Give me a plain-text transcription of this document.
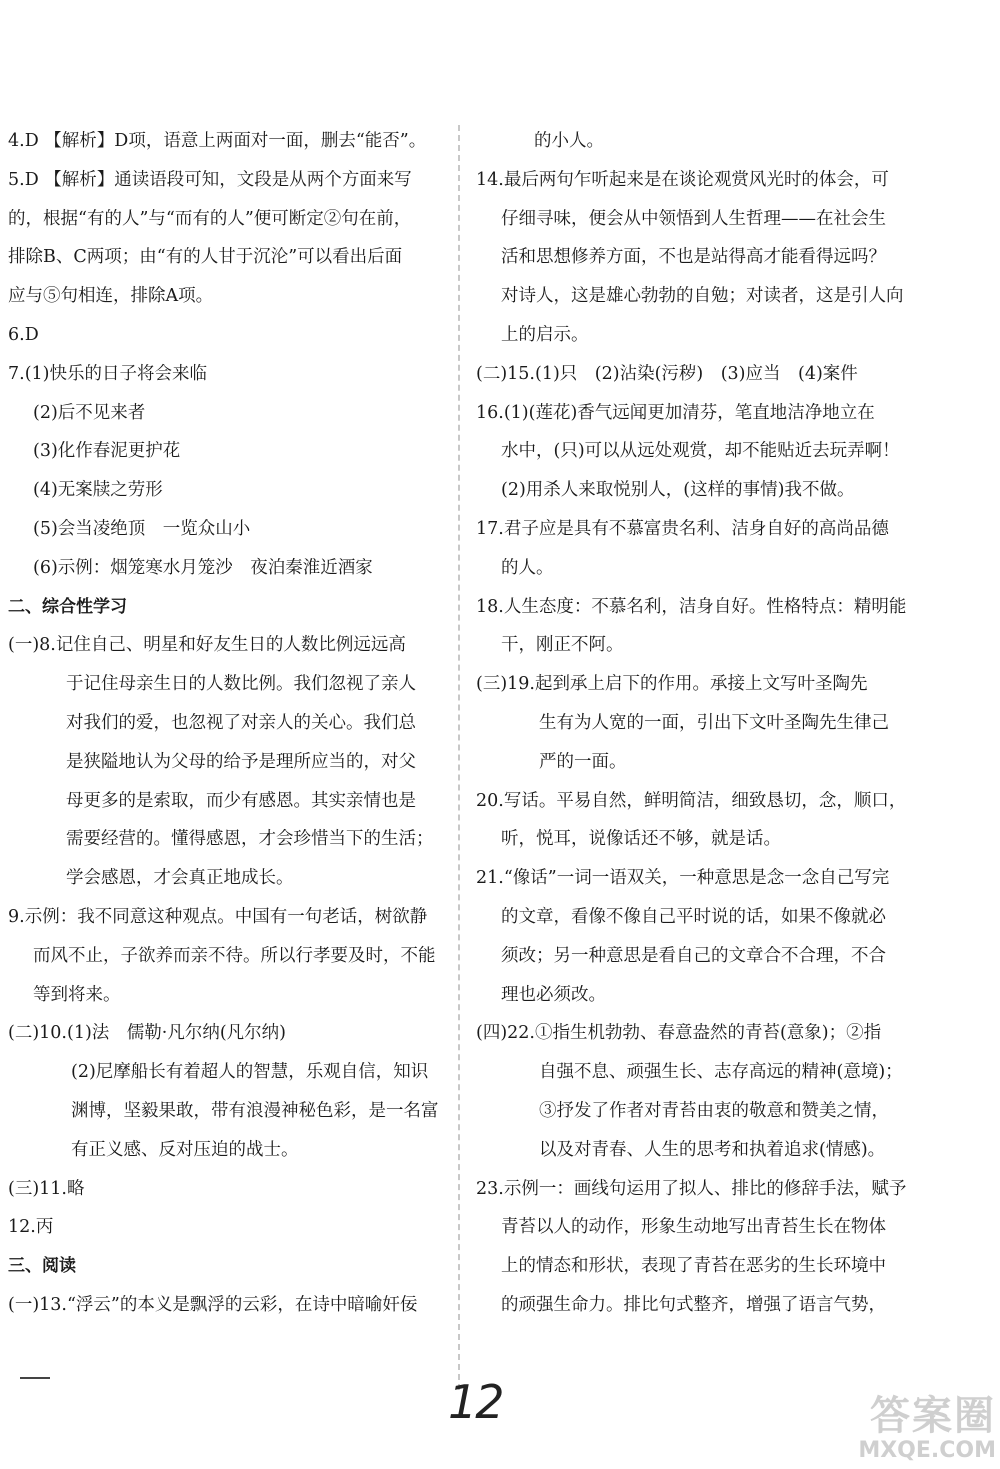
4.D 【解析】D项，语意上两面对一面，删去“能否”。
5.D 【解析】通读语段可知，文段是从两个方面来写
的，根据“有的人”与“而有的人”便可断定②句在前，
排除B、C两项；由“有的人甘于沉沦”可以看出后面
应与⑤句相连，排除A项。
6.D
7.(1)快乐的日子将会来临
(2)后不见来者
(3)化作春泥更护花
(4)无案牍之劳形
(5)会当凌绝顶　一览众山小
(6)示例：烟笼寒水月笼沙　夜泊秦淮近酒家
二、综合性学习
(一)8.记住自己、明星和好友生日的人数比例远远高
于记住母亲生日的人数比例。我们忽视了亲人
对我们的爱，也忽视了对亲人的关心。我们总
是狭隘地认为父母的给予是理所应当的，对父
母更多的是索取，而少有感恩。其实亲情也是
需要经营的。懂得感恩，才会珍惜当下的生活；
学会感恩，才会真正地成长。
9.示例：我不同意这种观点。中国有一句老话，树欲静
而风不止，子欲养而亲不待。所以行孝要及时，不能
等到将来。
(二)10.(1)法　儒勒·凡尔纳(凡尔纳)
(2)尼摩船长有着超人的智慧，乐观自信，知识
渊博，坚毅果敢，带有浪漫神秘色彩，是一名富
有正义感、反对压迫的战士。
(三)11.略
12.丙
三、阅读
(一)13.“浮云”的本义是飘浮的云彩，在诗中暗喻奸佞
的小人。
14.最后两句乍听起来是在谈论观赏风光时的体会，可
仔细寻味，便会从中领悟到人生哲理——在社会生
活和思想修养方面，不也是站得高才能看得远吗？
对诗人，这是雄心勃勃的自勉；对读者，这是引人向
上的启示。
(二)15.(1)只　(2)沾染(污秽)　(3)应当　(4)案件
16.(1)(莲花)香气远闻更加清芬，笔直地洁净地立在
水中，(只)可以从远处观赏，却不能贴近去玩弄啊！
(2)用杀人来取悦别人，(这样的事情)我不做。
17.君子应是具有不慕富贵名利、洁身自好的高尚品德
的人。
18.人生态度：不慕名利，洁身自好。性格特点：精明能
干，刚正不阿。
(三)19.起到承上启下的作用。承接上文写叶圣陶先
生有为人宽的一面，引出下文叶圣陶先生律己
严的一面。
20.写话。平易自然，鲜明简洁，细致恳切，念，顺口，
听，悦耳，说像话还不够，就是话。
21.“像话”一词一语双关，一种意思是念一念自己写完
的文章，看像不像自己平时说的话，如果不像就必
须改；另一种意思是看自己的文章合不合理，不合
理也必须改。
(四)22.①指生机勃勃、春意盎然的青苔(意象)；②指
自强不息、顽强生长、志存高远的精神(意境)；
③抒发了作者对青苔由衷的敬意和赞美之情，
以及对青春、人生的思考和执着追求(情感)。
23.示例一：画线句运用了拟人、排比的修辞手法，赋予
青苔以人的动作，形象生动地写出青苔生长在物体
上的情态和形状，表现了青苔在恶劣的生长环境中
的顽强生命力。排比句式整齐，增强了语言气势，
12	答案圈
MXQE.COM
